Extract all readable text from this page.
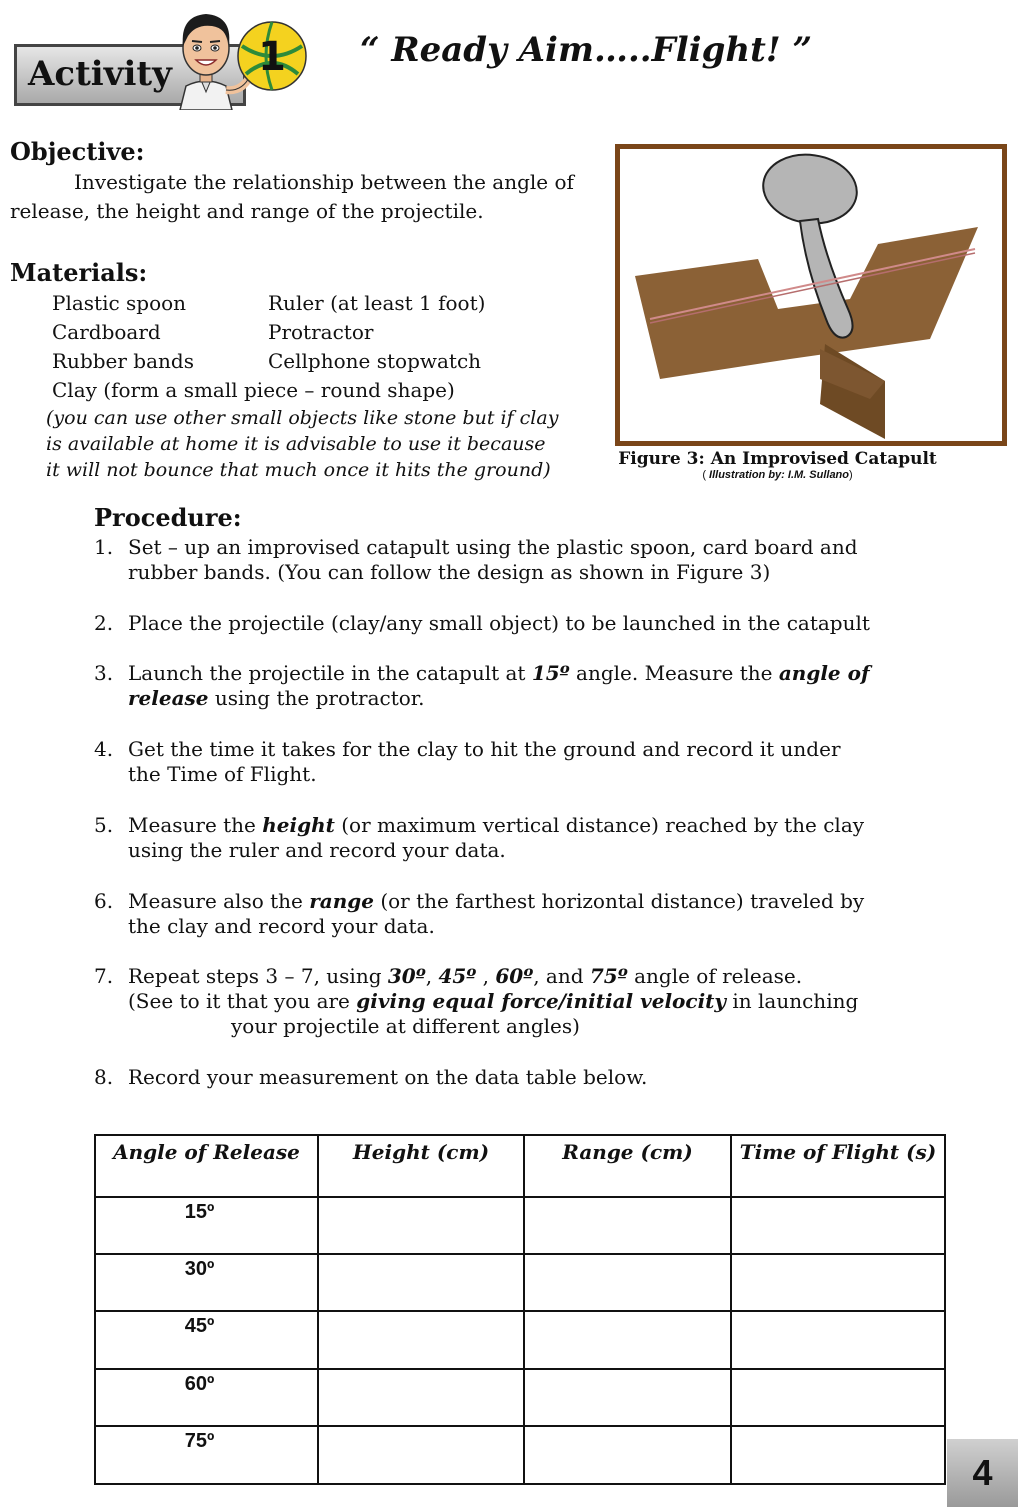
Activity 1 “ Ready Aim…..Flight! ”
Objective:
Investigate the relationship between the angle of
release, the height and range of the projectile.
Materials:
Plastic spoon
Cardboard
Rubber bands
Ruler (at least 1 foot)
Protractor
Cellphone stopwatch
Clay (form a small piece – round shape)
(you can use other small objects like stone but if clay
is available at home it is advisable to use it because
it will not bounce that much once it hits the ground)	Figure 3: An Improvised Catapult
( Illustration by: I.M. Sullano)
Procedure:
1. Set – up an improvised catapult using the plastic spoon, card board and
rubber bands. (You can follow the design as shown in Figure 3)
2. Place the projectile (clay/any small object) to be launched in the catapult
3. Launch the projectile in the catapult at 15º angle. Measure the angle of
release using the protractor.
4. Get the time it takes for the clay to hit the ground and record it under
the Time of Flight.
5. Measure the height (or maximum vertical distance) reached by the clay
using the ruler and record your data.
6. Measure also the range (or the farthest horizontal distance) traveled by
the clay and record your data.
7. Repeat steps 3 – 7, using 30º, 45º , 60º, and 75º angle of release.
(See to it that you are giving equal force/initial velocity in launching
your projectile at different angles)
8. Record your measurement on the data table below.
Angle of Release	Height (cm)	Range (cm)	Time of Flight (s)
15º			
30º			
45º			
60º			
75º			
4
